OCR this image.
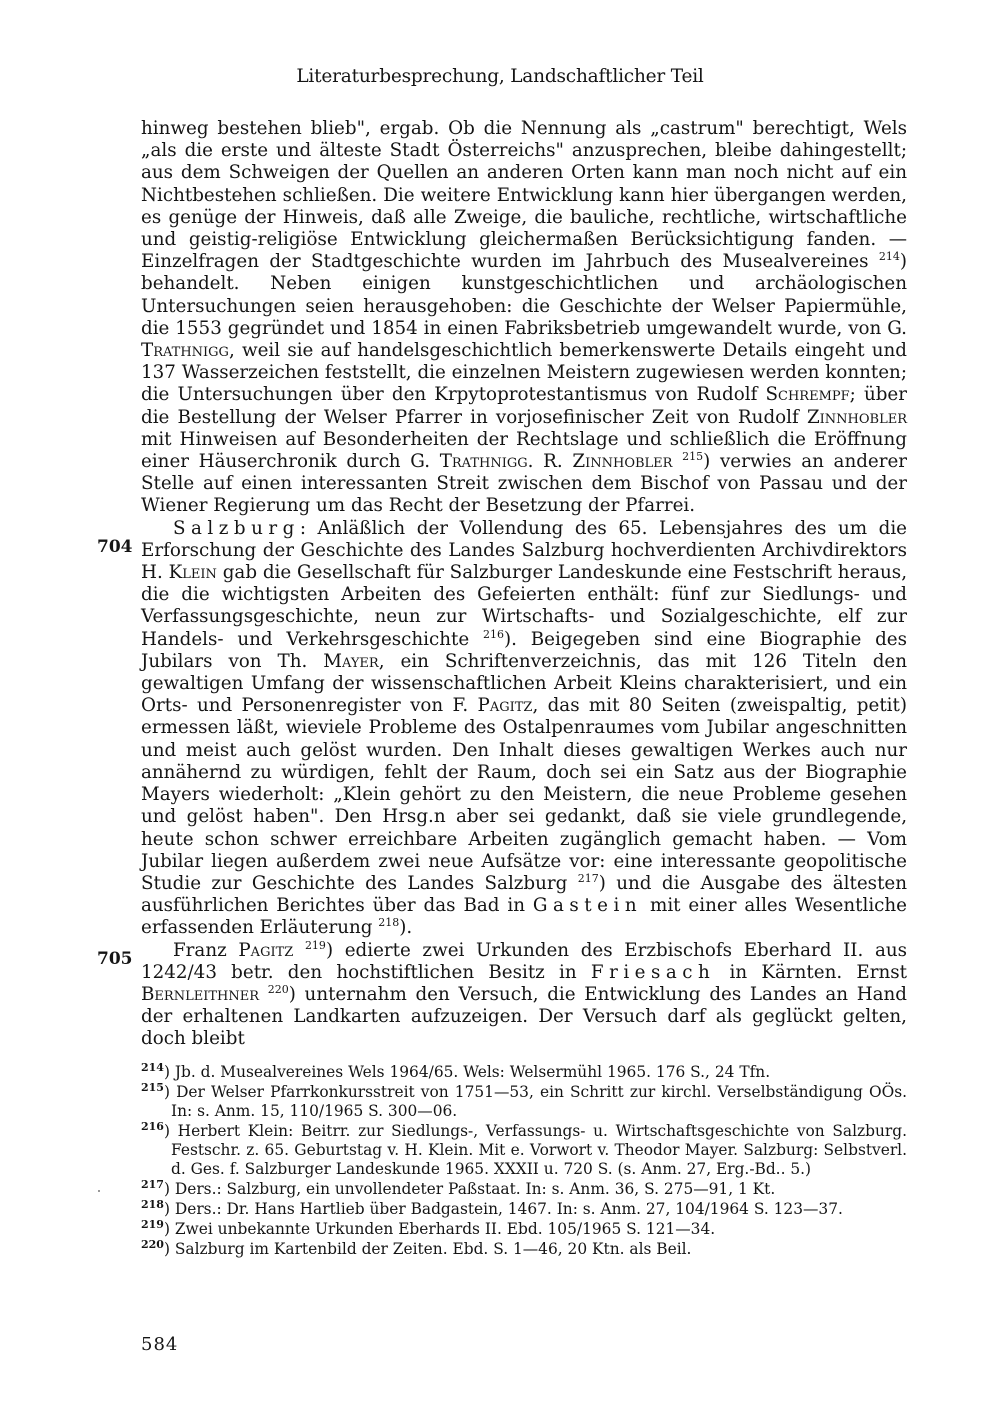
Literaturbesprechung, Landschaftlicher Teil
704
705

hinweg bestehen blieb", ergab. Ob die Nennung als „castrum" berechtigt, Wels „als die erste und älteste Stadt Österreichs" anzusprechen, bleibe dahingestellt; aus dem Schweigen der Quellen an anderen Orten kann man noch nicht auf ein Nichtbestehen schließen. Die weitere Entwicklung kann hier übergangen werden, es genüge der Hinweis, daß alle Zweige, die bauliche, rechtliche, wirtschaftliche und geistig-religiöse Entwicklung gleichermaßen Berücksichtigung fanden. — Einzelfragen der Stadtgeschichte wurden im Jahrbuch des Musealvereines $^{214}$) behandelt. Neben einigen kunstgeschichtlichen und archäologischen Untersuchungen seien herausgehoben: die Geschichte der Welser Papiermühle, die 1553 gegründet und 1854 in einen Fabriksbetrieb umgewandelt wurde, von G. Trathnigg, weil sie auf handelsgeschichtlich bemerkenswerte Details eingeht und 137 Wasserzeichen feststellt, die einzelnen Meistern zugewiesen werden konnten; die Untersuchungen über den Krpytoprotestantismus von Rudolf Schrempf; über die Bestellung der Welser Pfarrer in vorjosefinischer Zeit von Rudolf Zinnhobler mit Hinweisen auf Besonderheiten der Rechtslage und schließlich die Eröffnung einer Häuserchronik durch G. Trathnigg. R. Zinnhobler $^{215}$) verwies an anderer Stelle auf einen interessanten Streit zwischen dem Bischof von Passau und der Wiener Regierung um das Recht der Besetzung der Pfarrei.

Salzburg: Anläßlich der Vollendung des 65. Lebensjahres des um die Erforschung der Geschichte des Landes Salzburg hochverdienten Archivdirektors H. Klein gab die Gesellschaft für Salzburger Landeskunde eine Festschrift heraus, die die wichtigsten Arbeiten des Gefeierten enthält: fünf zur Siedlungs- und Verfassungsgeschichte, neun zur Wirtschafts- und Sozialgeschichte, elf zur Handels- und Verkehrsgeschichte $^{216}$). Beigegeben sind eine Biographie des Jubilars von Th. Mayer, ein Schriftenverzeichnis, das mit 126 Titeln den gewaltigen Umfang der wissenschaftlichen Arbeit Kleins charakterisiert, und ein Orts- und Personenregister von F. Pagitz, das mit 80 Seiten (zweispaltig, petit) ermessen läßt, wieviele Probleme des Ostalpenraumes vom Jubilar angeschnitten und meist auch gelöst wurden. Den Inhalt dieses gewaltigen Werkes auch nur annähernd zu würdigen, fehlt der Raum, doch sei ein Satz aus der Biographie Mayers wiederholt: „Klein gehört zu den Meistern, die neue Probleme gesehen und gelöst haben". Den Hrsg.n aber sei gedankt, daß sie viele grundlegende, heute schon schwer erreichbare Arbeiten zugänglich gemacht haben. — Vom Jubilar liegen außerdem zwei neue Aufsätze vor: eine interessante geopolitische Studie zur Geschichte des Landes Salzburg $^{217}$) und die Ausgabe des ältesten ausführlichen Berichtes über das Bad in Gastein mit einer alles Wesentliche erfassenden Erläuterung $^{218}$).

Franz Pagitz $^{219}$) edierte zwei Urkunden des Erzbischofs Eberhard II. aus 1242/43 betr. den hochstiftlichen Besitz in Friesach in Kärnten. Ernst Bernleithner $^{220}$) unternahm den Versuch, die Entwicklung des Landes an Hand der erhaltenen Landkarten aufzuzeigen. Der Versuch darf als geglückt gelten, doch bleibt

$^{214}$) Jb. d. Musealvereines Wels 1964/65. Wels: Welsermühl 1965. 176 S., 24 Tfn.

$^{215}$) Der Welser Pfarrkonkursstreit von 1751—53, ein Schritt zur kirchl. Verselbständigung OÖs. In: s. Anm. 15, 110/1965 S. 300—06.

$^{216}$) Herbert Klein: Beitrr. zur Siedlungs-, Verfassungs- u. Wirtschaftsgeschichte von Salzburg. Festschr. z. 65. Geburtstag v. H. Klein. Mit e. Vorwort v. Theodor Mayer. Salzburg: Selbstverl. d. Ges. f. Salzburger Landeskunde 1965. XXXII u. 720 S. (s. Anm. 27, Erg.-Bd.. 5.)

$^{217}$) Ders.: Salzburg, ein unvollendeter Paßstaat. In: s. Anm. 36, S. 275—91, 1 Kt.

$^{218}$) Ders.: Dr. Hans Hartlieb über Badgastein, 1467. In: s. Anm. 27, 104/1964 S. 123—37.

$^{219}$) Zwei unbekannte Urkunden Eberhards II. Ebd. 105/1965 S. 121—34.

$^{220}$) Salzburg im Kartenbild der Zeiten. Ebd. S. 1—46, 20 Ktn. als Beil.

584
